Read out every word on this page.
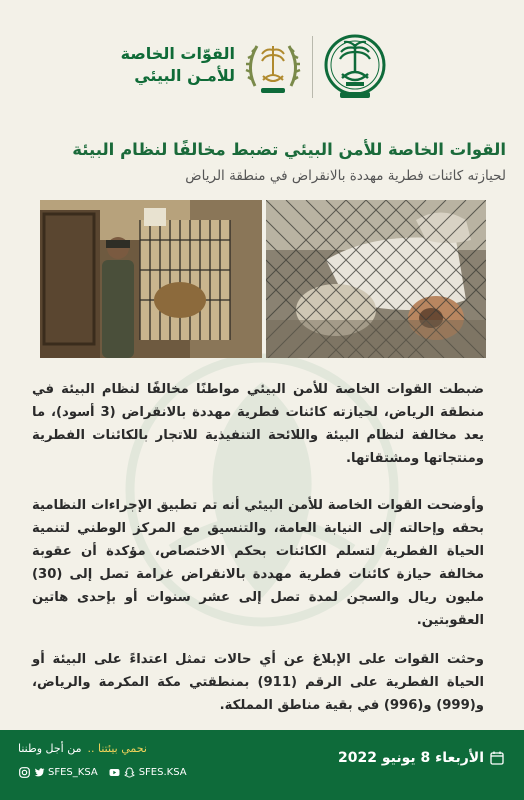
القوّات الخاصة
للأمـن البيئي
القوات الخاصة للأمن البيئي تضبط مخالفًا لنظام البيئة
لحيازته كائنات فطرية مهددة بالانقراض في منطقة الرياض
ضبطت القوات الخاصة للأمن البيئي مواطنًا مخالفًا لنظام البيئة في منطقة الرياض، لحيازته كائنات فطرية مهددة بالانقراض (3 أسود)، ما يعد مخالفة لنظام البيئة واللائحة التنفيذية للاتجار بالكائنات الفطرية ومنتجاتها ومشتقاتها.
وأوضحت القوات الخاصة للأمن البيئي أنه تم تطبيق الإجراءات النظامية بحقه وإحالته إلى النيابة العامة، والتنسيق مع المركز الوطني لتنمية الحياة الفطرية لتسلم الكائنات بحكم الاختصاص، مؤكدة أن عقوبة مخالفة حيازة كائنات فطرية مهددة بالانقراض غرامة تصل إلى (30) مليون ريال والسجن لمدة تصل إلى عشر سنوات أو بإحدى هاتين العقوبتين.
وحثت القوات على الإبلاغ عن أي حالات تمثل اعتداءً على البيئة أو الحياة الفطرية على الرقم (911) بمنطقتي مكة المكرمة والرياض، و(999) و(996) في بقية مناطق المملكة.
الأربعاء 8 يونيو 2022
نحمي بيئتنا ..
من أجل وطننا
SFES_KSA	SFES.KSA
